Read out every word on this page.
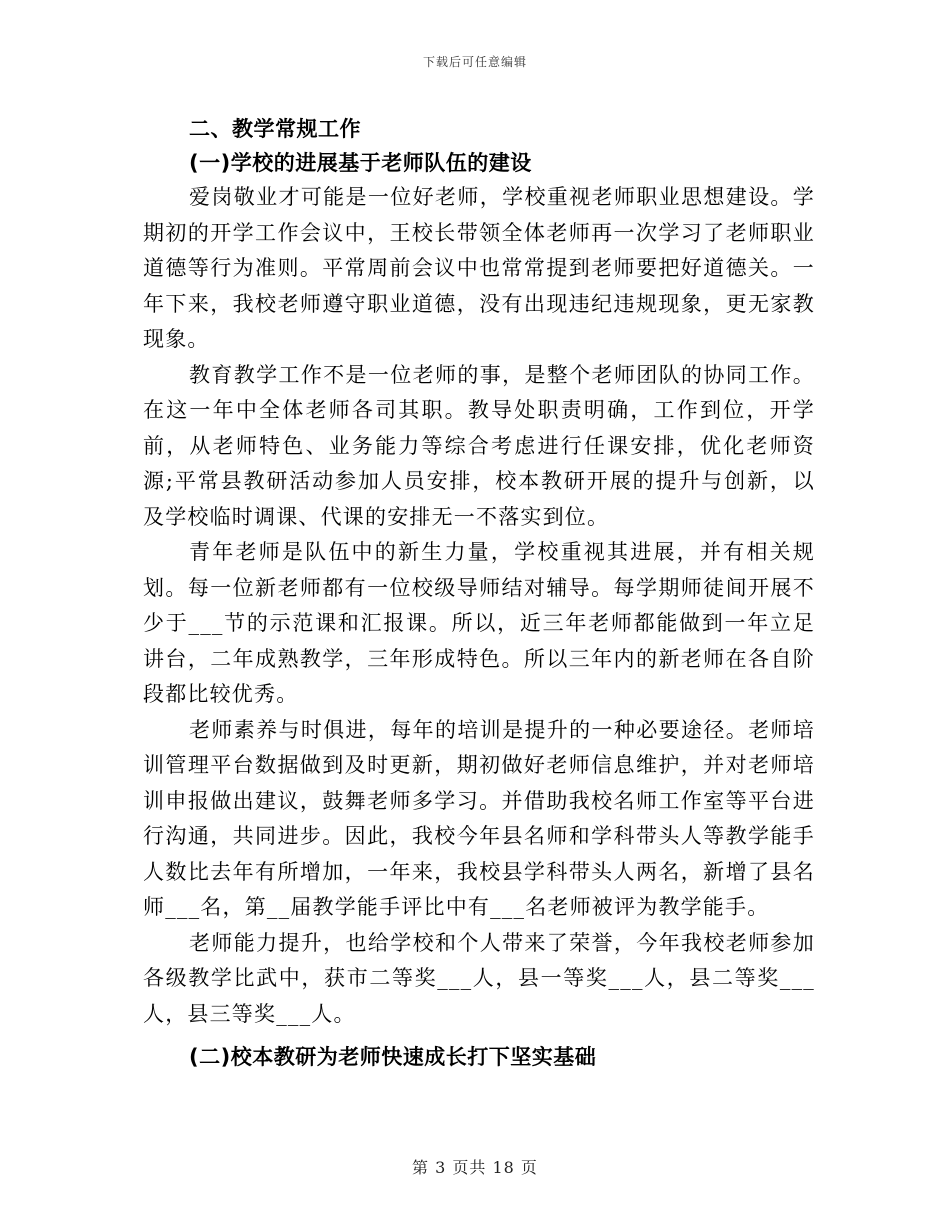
下载后可任意编辑

二、教学常规工作

(一)学校的进展基于老师队伍的建设

爱岗敬业才可能是一位好老师，学校重视老师职业思想建设。学期初的开学工作会议中，王校长带领全体老师再一次学习了老师职业道德等行为准则。平常周前会议中也常常提到老师要把好道德关。一年下来，我校老师遵守职业道德，没有出现违纪违规现象，更无家教现象。

教育教学工作不是一位老师的事，是整个老师团队的协同工作。在这一年中全体老师各司其职。教导处职责明确，工作到位，开学前，从老师特色、业务能力等综合考虑进行任课安排，优化老师资源;平常县教研活动参加人员安排，校本教研开展的提升与创新，以及学校临时调课、代课的安排无一不落实到位。

青年老师是队伍中的新生力量，学校重视其进展，并有相关规划。每一位新老师都有一位校级导师结对辅导。每学期师徒间开展不少于___节的示范课和汇报课。所以，近三年老师都能做到一年立足讲台，二年成熟教学，三年形成特色。所以三年内的新老师在各自阶段都比较优秀。

老师素养与时俱进，每年的培训是提升的一种必要途径。老师培训管理平台数据做到及时更新，期初做好老师信息维护，并对老师培训申报做出建议，鼓舞老师多学习。并借助我校名师工作室等平台进行沟通，共同进步。因此，我校今年县名师和学科带头人等教学能手人数比去年有所增加，一年来，我校县学科带头人两名，新增了县名师___名，第__届教学能手评比中有___名老师被评为教学能手。

老师能力提升，也给学校和个人带来了荣誉，今年我校老师参加各级教学比武中，获市二等奖___人，县一等奖___人，县二等奖___人，县三等奖___人。

(二)校本教研为老师快速成长打下坚实基础

第 3 页共 18 页
